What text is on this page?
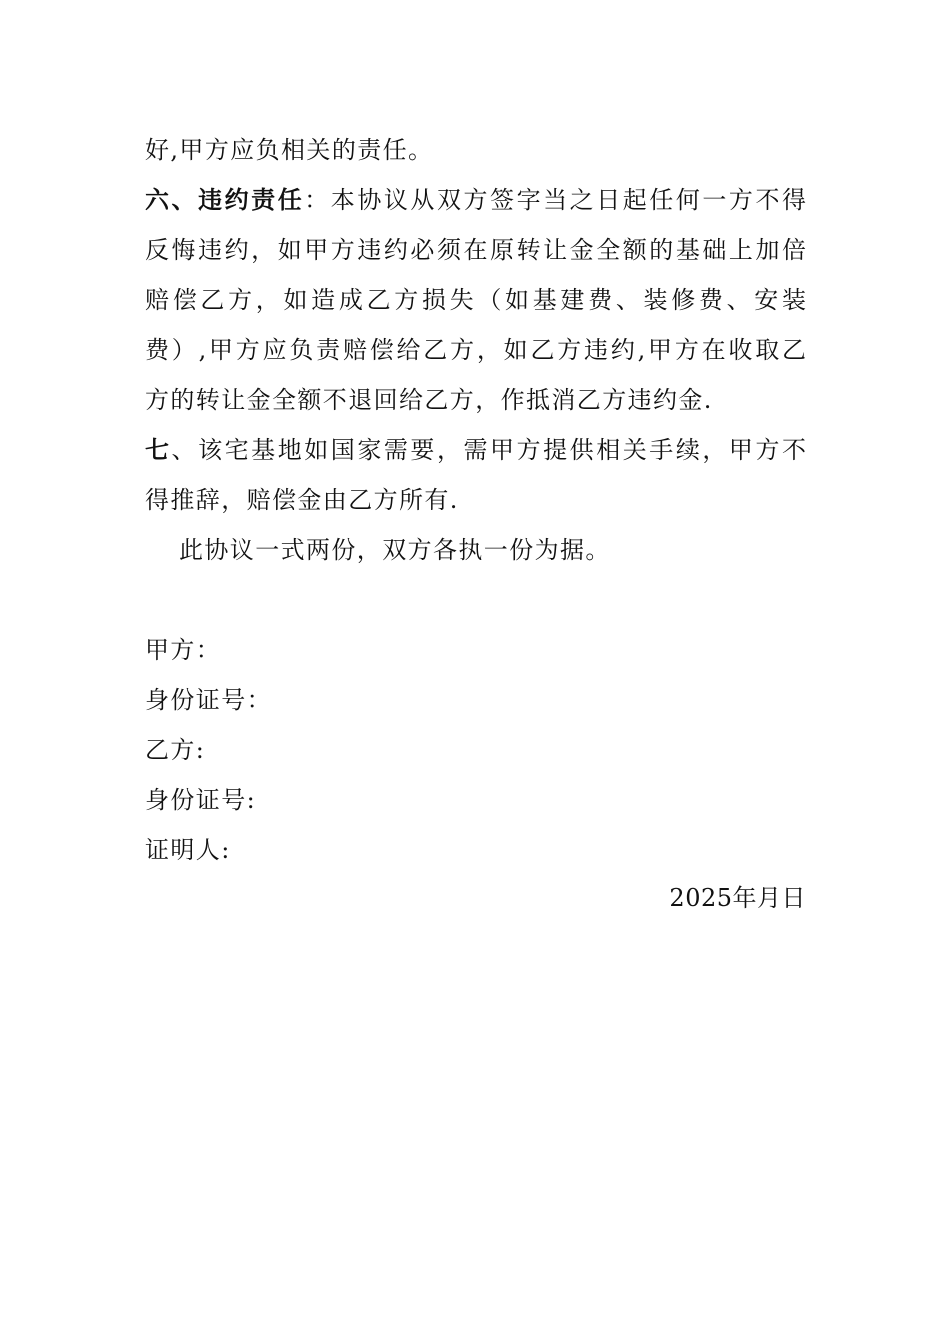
好,甲方应负相关的责任。
六、违约责任：本协议从双方签字当之日起任何一方不得
反悔违约，如甲方违约必须在原转让金全额的基础上加倍
赔偿乙方，如造成乙方损失（如基建费、装修费、安装
费）,甲方应负责赔偿给乙方，如乙方违约,甲方在收取乙
方的转让金全额不退回给乙方，作抵消乙方违约金.
七、该宅基地如国家需要，需甲方提供相关手续，甲方不
得推辞，赔偿金由乙方所有.
此协议一式两份，双方各执一份为据。
甲方：
身份证号：
乙方:
身份证号:
证明人:
2025年月日
